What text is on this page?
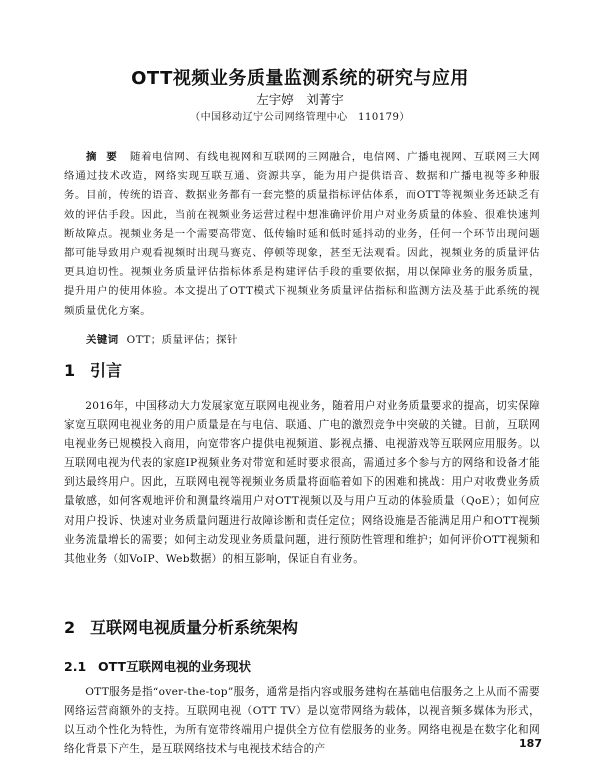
OTT视频业务质量监测系统的研究与应用
左宇婷　刘菁宇
（中国移动辽宁公司网络管理中心　110179）
摘 要 随着电信网、有线电视网和互联网的三网融合，电信网、广播电视网、互联网三大网络通过技术改造，网络实现互联互通、资源共享，能为用户提供语音、数据和广播电视等多种服务。目前，传统的语音、数据业务都有一套完整的质量指标评估体系，而OTT等视频业务还缺乏有效的评估手段。因此，当前在视频业务运营过程中想准确评价用户对业务质量的体验、很难快速判断故障点。视频业务是一个需要高带宽、低传输时延和低时延抖动的业务，任何一个环节出现问题都可能导致用户观看视频时出现马赛克、停顿等现象，甚至无法观看。因此，视频业务的质量评估更具迫切性。视频业务质量评估指标体系是构建评估手段的重要依据，用以保障业务的服务质量，提升用户的使用体验。本文提出了OTT模式下视频业务质量评估指标和监测方法及基于此系统的视频质量优化方案。
关键词 OTT；质量评估；探针
1 引言
2016年，中国移动大力发展家宽互联网电视业务，随着用户对业务质量要求的提高，切实保障家宽互联网电视业务的用户质量是在与电信、联通、广电的激烈竞争中突破的关键。目前，互联网电视业务已规模投入商用，向宽带客户提供电视频道、影视点播、电视游戏等互联网应用服务。以互联网电视为代表的家庭IP视频业务对带宽和延时要求很高，需通过多个参与方的网络和设备才能到达最终用户。因此，互联网电视等视频业务质量将面临着如下的困难和挑战：用户对收费业务质量敏感，如何客观地评价和测量终端用户对OTT视频以及与用户互动的体验质量（QoE）；如何应对用户投诉、快速对业务质量问题进行故障诊断和责任定位；网络设施是否能满足用户和OTT视频业务流量增长的需要；如何主动发现业务质量问题，进行预防性管理和维护；如何评价OTT视频和其他业务（如VoIP、Web数据）的相互影响，保证自有业务。
2 互联网电视质量分析系统架构
2.1 OTT互联网电视的业务现状
OTT服务是指“over-the-top”服务，通常是指内容或服务建构在基础电信服务之上从而不需要网络运营商额外的支持。互联网电视（OTT TV）是以宽带网络为载体，以视音频多媒体为形式，以互动个性化为特性，为所有宽带终端用户提供全方位有偿服务的业务。网络电视是在数字化和网络化背景下产生，是互联网络技术与电视技术结合的产	187
